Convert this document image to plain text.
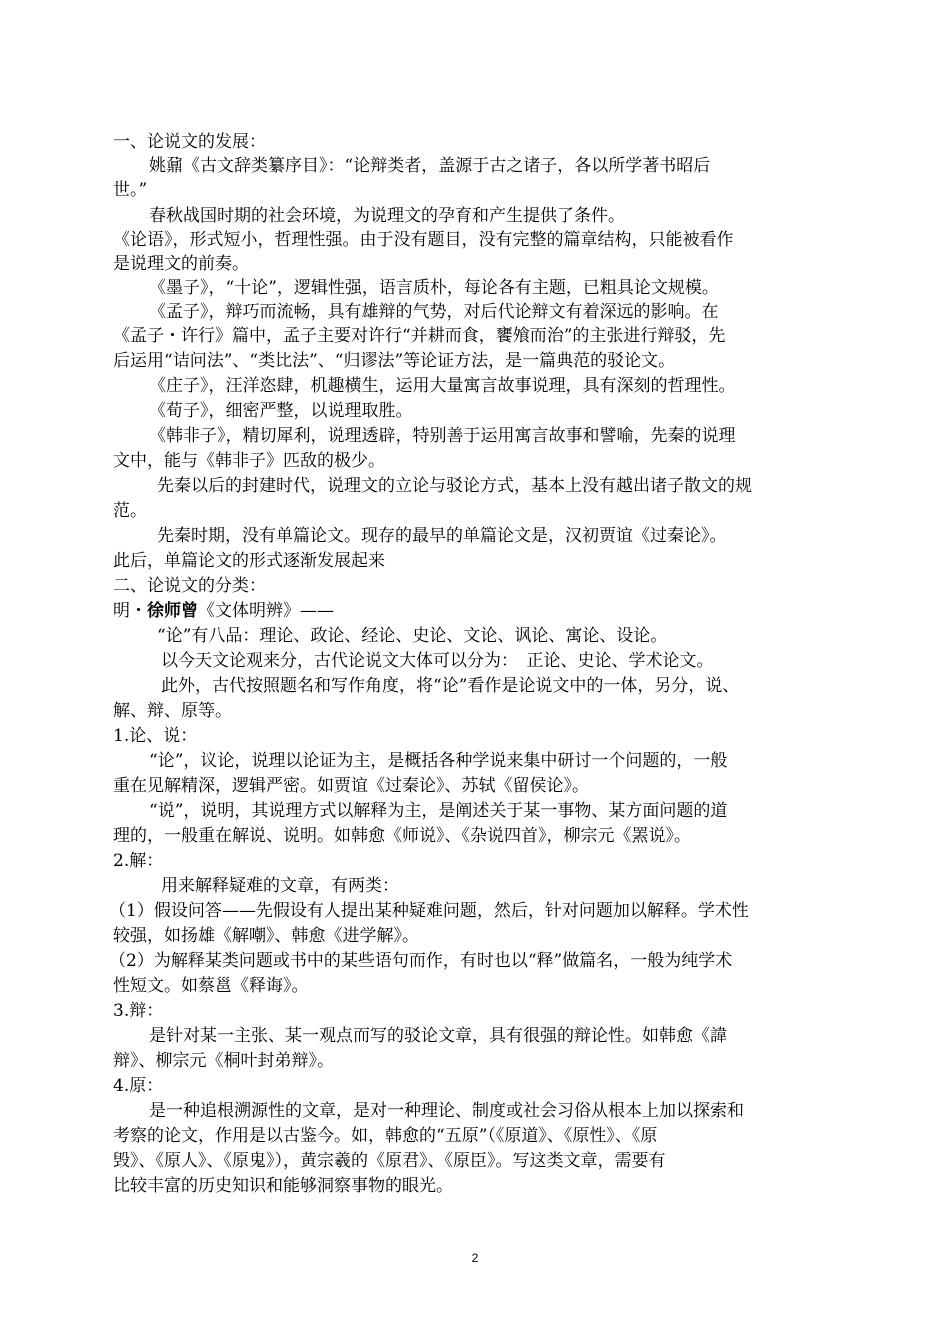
一、论说文的发展：
姚鼐《古文辞类纂序目》：“论辩类者，盖源于古之诸子，各以所学著书昭后
世。”
春秋战国时期的社会环境，为说理文的孕育和产生提供了条件。
《论语》，形式短小，哲理性强。由于没有题目，没有完整的篇章结构，只能被看作
是说理文的前奏。
《墨子》，“十论”，逻辑性强，语言质朴，每论各有主题，已粗具论文规模。
《孟子》，辩巧而流畅，具有雄辩的气势，对后代论辩文有着深远的影响。在
《孟子・许行》篇中，孟子主要对许行“并耕而食，饔飧而治”的主张进行辩驳，先
后运用“诘问法”、“类比法”、“归谬法”等论证方法，是一篇典范的驳论文。
《庄子》，汪洋恣肆，机趣横生，运用大量寓言故事说理，具有深刻的哲理性。
《荀子》，细密严整，以说理取胜。
《韩非子》，精切犀利，说理透辟，特别善于运用寓言故事和譬喻，先秦的说理
文中，能与《韩非子》匹敌的极少。
先秦以后的封建时代，说理文的立论与驳论方式，基本上没有越出诸子散文的规
范。
先秦时期，没有单篇论文。现存的最早的单篇论文是，汉初贾谊《过秦论》。
此后，单篇论文的形式逐渐发展起来
二、论说文的分类：
明・徐师曾《文体明辨》——
“论”有八品：理论、政论、经论、史论、文论、讽论、寓论、设论。
以今天文论观来分，古代论说文大体可以分为：　正论、史论、学术论文。
此外，古代按照题名和写作角度，将“论”看作是论说文中的一体，另分，说、
解、辩、原等。
1.论、说：
“论”，议论，说理以论证为主，是概括各种学说来集中研讨一个问题的，一般
重在见解精深，逻辑严密。如贾谊《过秦论》、苏轼《留侯论》。
“说”，说明，其说理方式以解释为主，是阐述关于某一事物、某方面问题的道
理的，一般重在解说、说明。如韩愈《师说》、《杂说四首》，柳宗元《罴说》。
2.解：
用来解释疑难的文章，有两类：
（1）假设问答——先假设有人提出某种疑难问题，然后，针对问题加以解释。学术性
较强，如扬雄《解嘲》、韩愈《进学解》。
（2）为解释某类问题或书中的某些语句而作，有时也以“释”做篇名，一般为纯学术
性短文。如蔡邕《释诲》。
3.辩：
是针对某一主张、某一观点而写的驳论文章，具有很强的辩论性。如韩愈《諱
辩》、柳宗元《桐叶封弟辩》。
4.原：
是一种追根溯源性的文章，是对一种理论、制度或社会习俗从根本上加以探索和
考察的论文，作用是以古鉴今。如，韩愈的“五原”（《原道》、《原性》、《原
毁》、《原人》、《原鬼》），黄宗羲的《原君》、《原臣》。写这类文章，需要有
比较丰富的历史知识和能够洞察事物的眼光。
2
